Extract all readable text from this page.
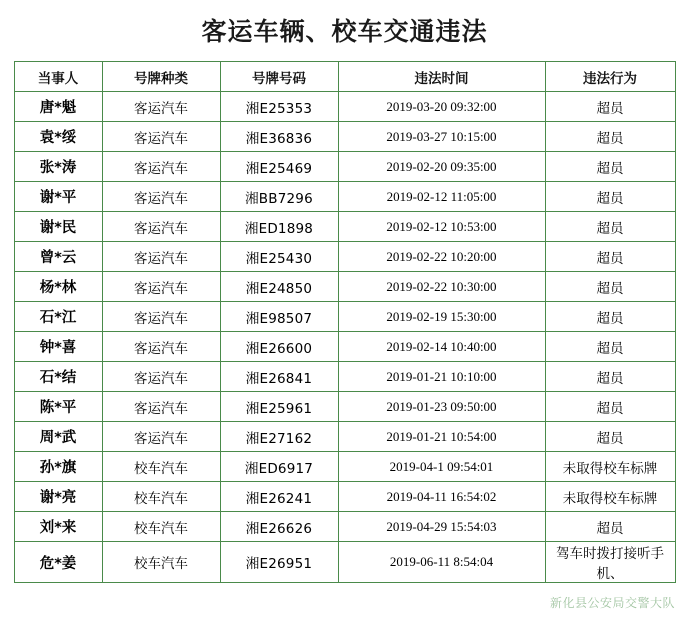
客运车辆、校车交通违法
当事人	号牌种类	号牌号码	违法时间	违法行为
唐*魁	客运汽车	湘E25353	2019-03-20 09:32:00	超员
袁*绥	客运汽车	湘E36836	2019-03-27 10:15:00	超员
张*涛	客运汽车	湘E25469	2019-02-20 09:35:00	超员
谢*平	客运汽车	湘BB7296	2019-02-12 11:05:00	超员
谢*民	客运汽车	湘ED1898	2019-02-12 10:53:00	超员
曾*云	客运汽车	湘E25430	2019-02-22 10:20:00	超员
杨*林	客运汽车	湘E24850	2019-02-22 10:30:00	超员
石*江	客运汽车	湘E98507	2019-02-19 15:30:00	超员
钟*喜	客运汽车	湘E26600	2019-02-14 10:40:00	超员
石*结	客运汽车	湘E26841	2019-01-21 10:10:00	超员
陈*平	客运汽车	湘E25961	2019-01-23 09:50:00	超员
周*武	客运汽车	湘E27162	2019-01-21 10:54:00	超员
孙*旗	校车汽车	湘ED6917	2019-04-1 09:54:01	未取得校车标牌
谢*亮	校车汽车	湘E26241	2019-04-11 16:54:02	未取得校车标牌
刘*来	校车汽车	湘E26626	2019-04-29 15:54:03	超员
危*姜	校车汽车	湘E26951	2019-06-11 8:54:04	驾车时拨打接听手机、
新化县公安局交警大队
